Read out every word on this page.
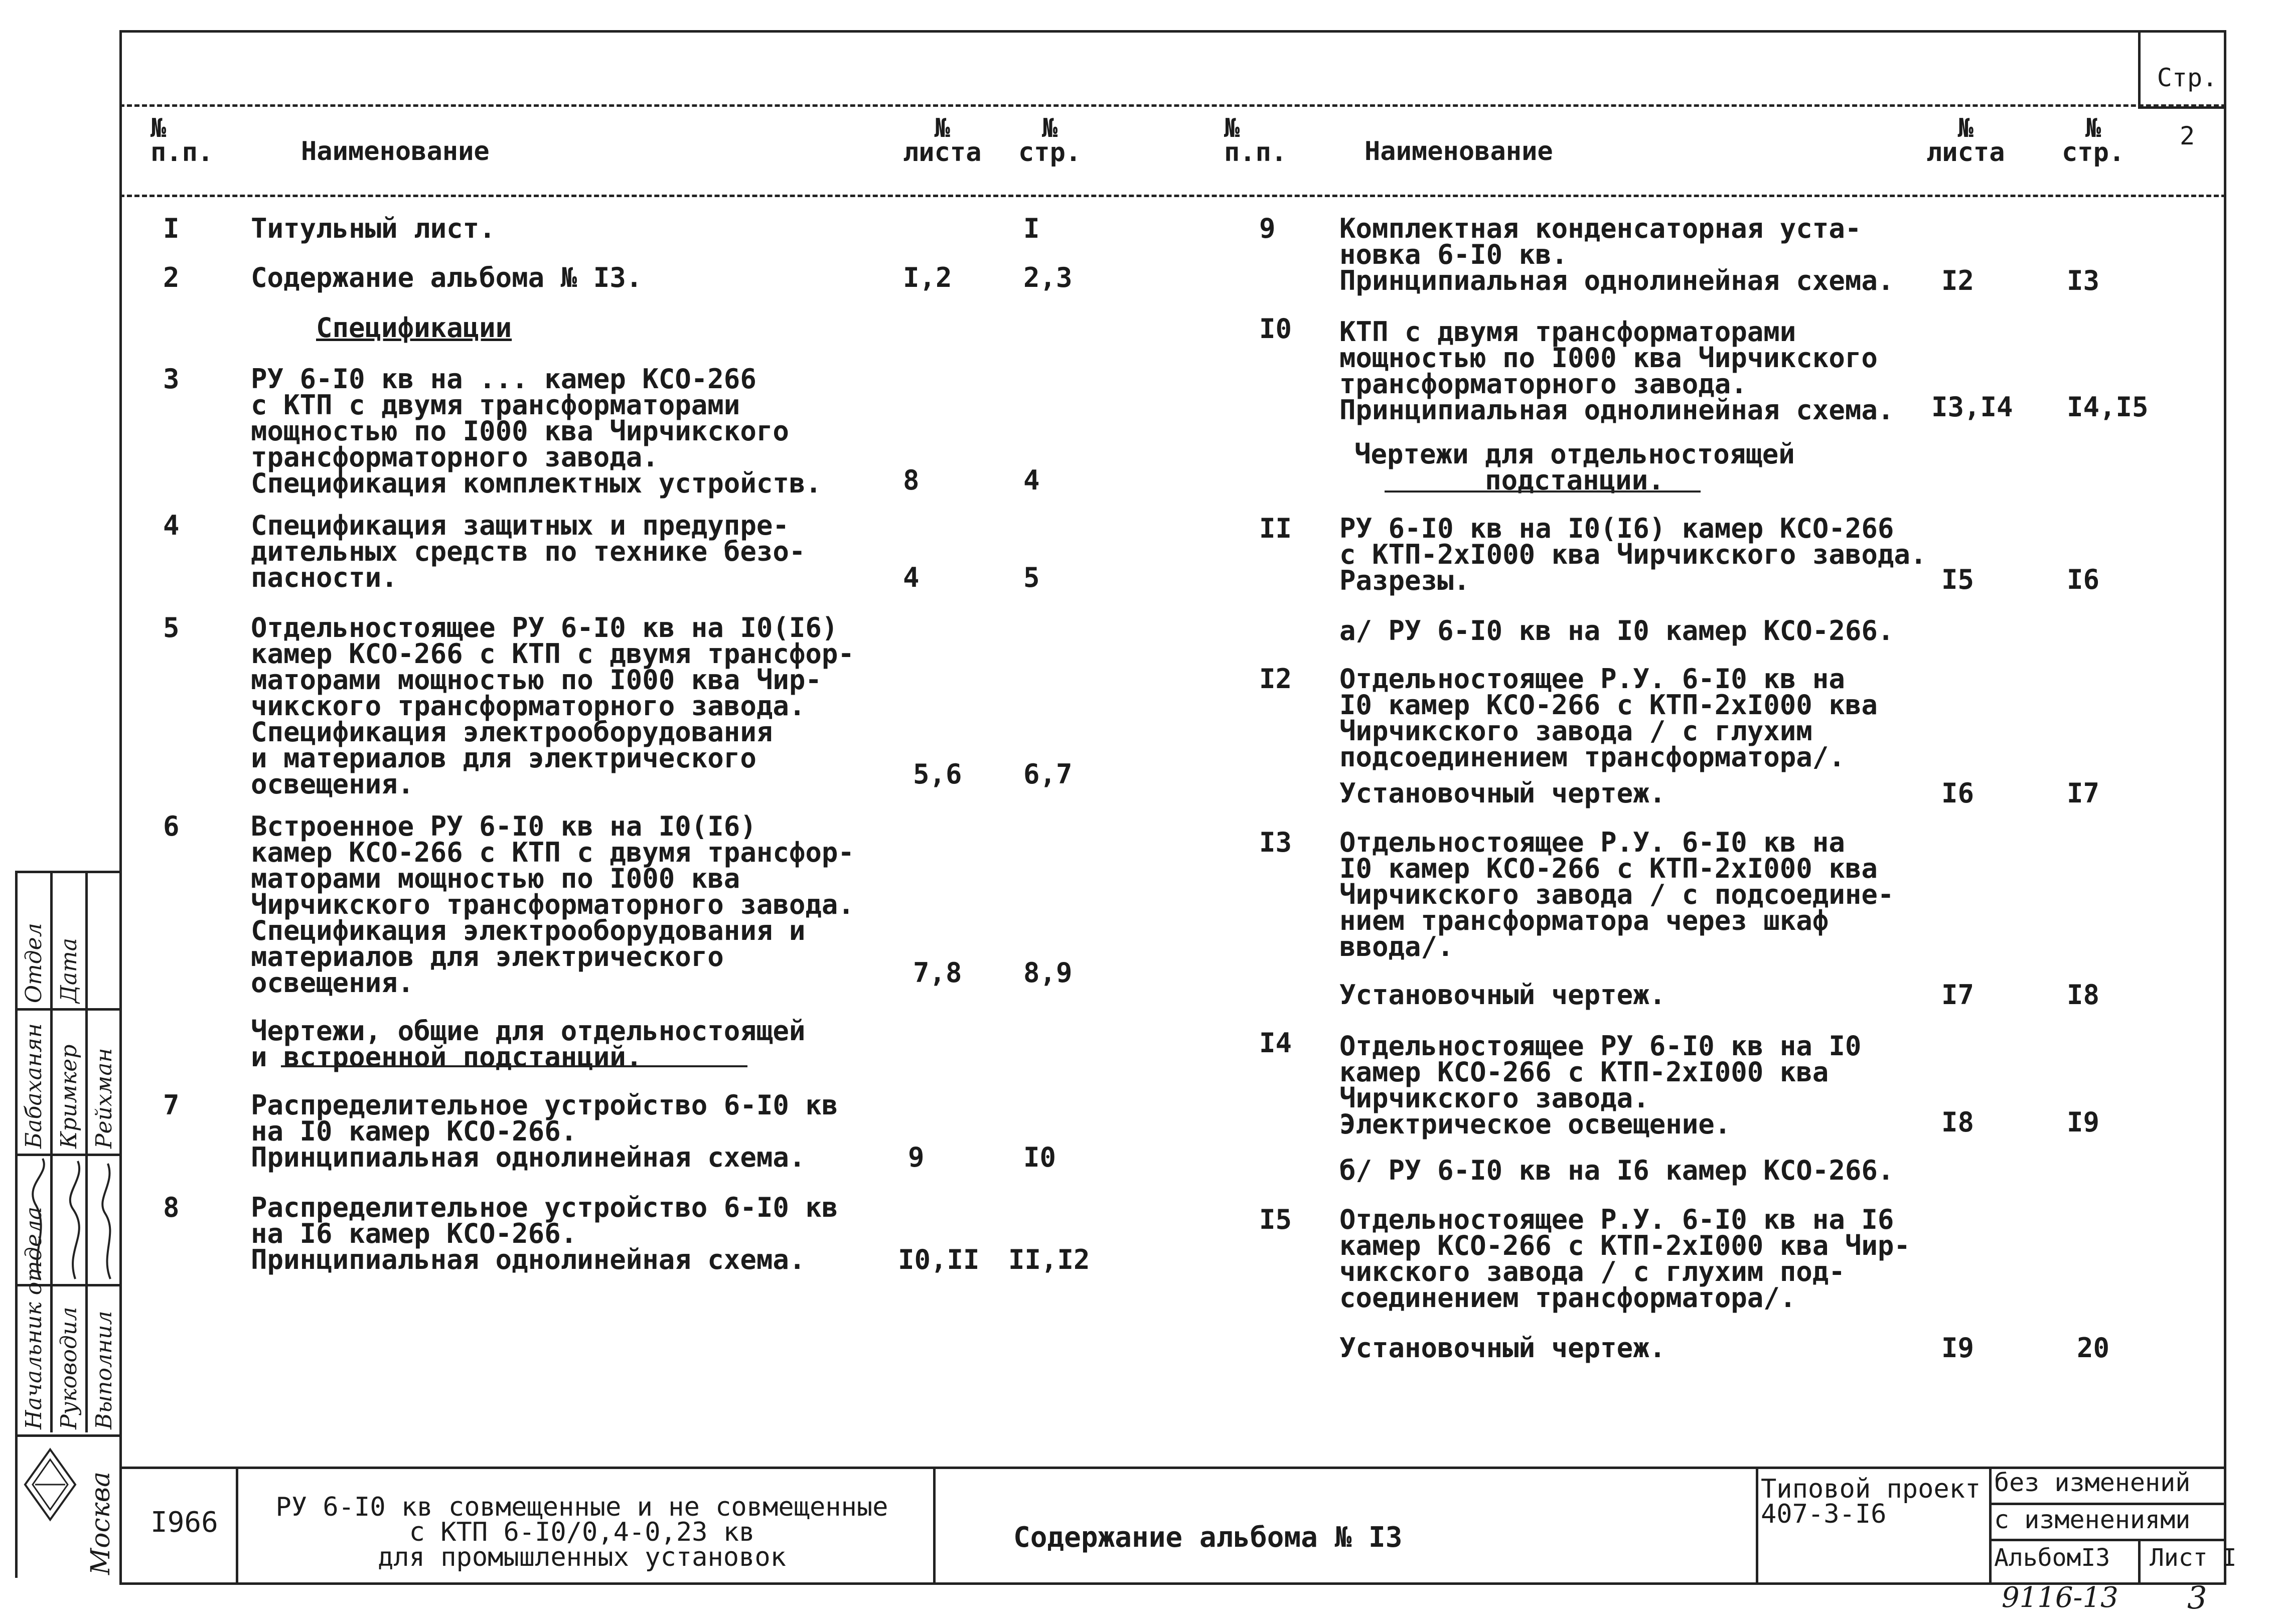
Стр.

2

№
п.п.	Наименование
№
листа
№
стр.
№
п.п.	Наименование
№
листа
№
стр.
I	Титульный лист.	I
2	Содержание альбома № I3.	I,2	2,3
Спецификации
3	РУ 6-I0 кв на ... камер КСО-266
с КТП с двумя трансформаторами
мощностью по I000 ква Чирчикского
трансформаторного завода.
Спецификация комплектных устройств.	8	4
4	Спецификация защитных и предупре-
дительных средств по технике безо-
пасности.	4	5
5	Отдельностоящее РУ 6-I0 кв на I0(I6)
камер КСО-266 с КТП с двумя трансфор-
маторами мощностью по I000 ква Чир-
чикского трансформаторного завода.
Спецификация электрооборудования
и материалов для электрического
освещения.	5,6 6,7
6	Встроенное РУ 6-I0 кв на I0(I6)
камер КСО-266 с КТП с двумя трансфор-
маторами мощностью по I000 ква
Чирчикского трансформаторного завода.
Спецификация электрооборудования и
материалов для электрического
освещения.	7,8 8,9
Чертежи, общие для отдельностоящей
и встроенной подстанций.
7	Распределительное устройство 6-I0 кв
на I0 камер КСО-266.
Принципиальная однолинейная схема.	9	I0
8	Распределительное устройство 6-I0 кв
на I6 камер КСО-266.
Принципиальная однолинейная схема.	I0,II II,I2
9 Комплектная конденсаторная уста-
новка 6-I0 кв.
Принципиальная однолинейная схема. I2	I3
I0 КТП с двумя трансформаторами
мощностью по I000 ква Чирчикского
трансформаторного завода.
Принципиальная однолинейная схема. I3,I4 I4,I5
Чертежи для отдельностоящей
подстанции.
II РУ 6-I0 кв на I0(I6) камер КСО-266
с КТП-2хI000 ква Чирчикского завода.
Разрезы.	I5	I6
а/ РУ 6-I0 кв на I0 камер КСО-266.
I2 Отдельностоящее Р.У. 6-I0 кв на
I0 камер КСО-266 с КТП-2хI000 ква
Чирчикского завода / с глухим
подсоединением трансформатора/.
Установочный чертеж.	I6	I7
I3 Отдельностоящее Р.У. 6-I0 кв на
I0 камер КСО-266 с КТП-2хI000 ква
Чирчикского завода / с подсоедине-
нием трансформатора через шкаф
ввода/.
Установочный чертеж.	I7	I8
I4 Отдельностоящее РУ 6-I0 кв на I0
камер КСО-266 с КТП-2хI000 ква
Чирчикского завода.
Электрическое освещение.	I8	I9
б/ РУ 6-I0 кв на I6 камер КСО-266.
I5 Отдельностоящее Р.У. 6-I0 кв на I6
камер КСО-266 с КТП-2хI000 ква Чир-
чикского завода / с глухим под-
соединением трансформатора/.
Установочный чертеж.	I9	20
Начальник отдела Руководил Выполнил
Бабаханян Кримкер Рейхман
Отдел Дата
Москва I966 РУ 6-I0 кв совмещенные и не совмещенные
с КТП 6-I0/0,4-0,23 кв
для промышленных установок
Содержание альбома № I3
Типовой проект
407-3-I6
без изменений
с изменениями
АльбомI3 Лист I
9116-13 3
